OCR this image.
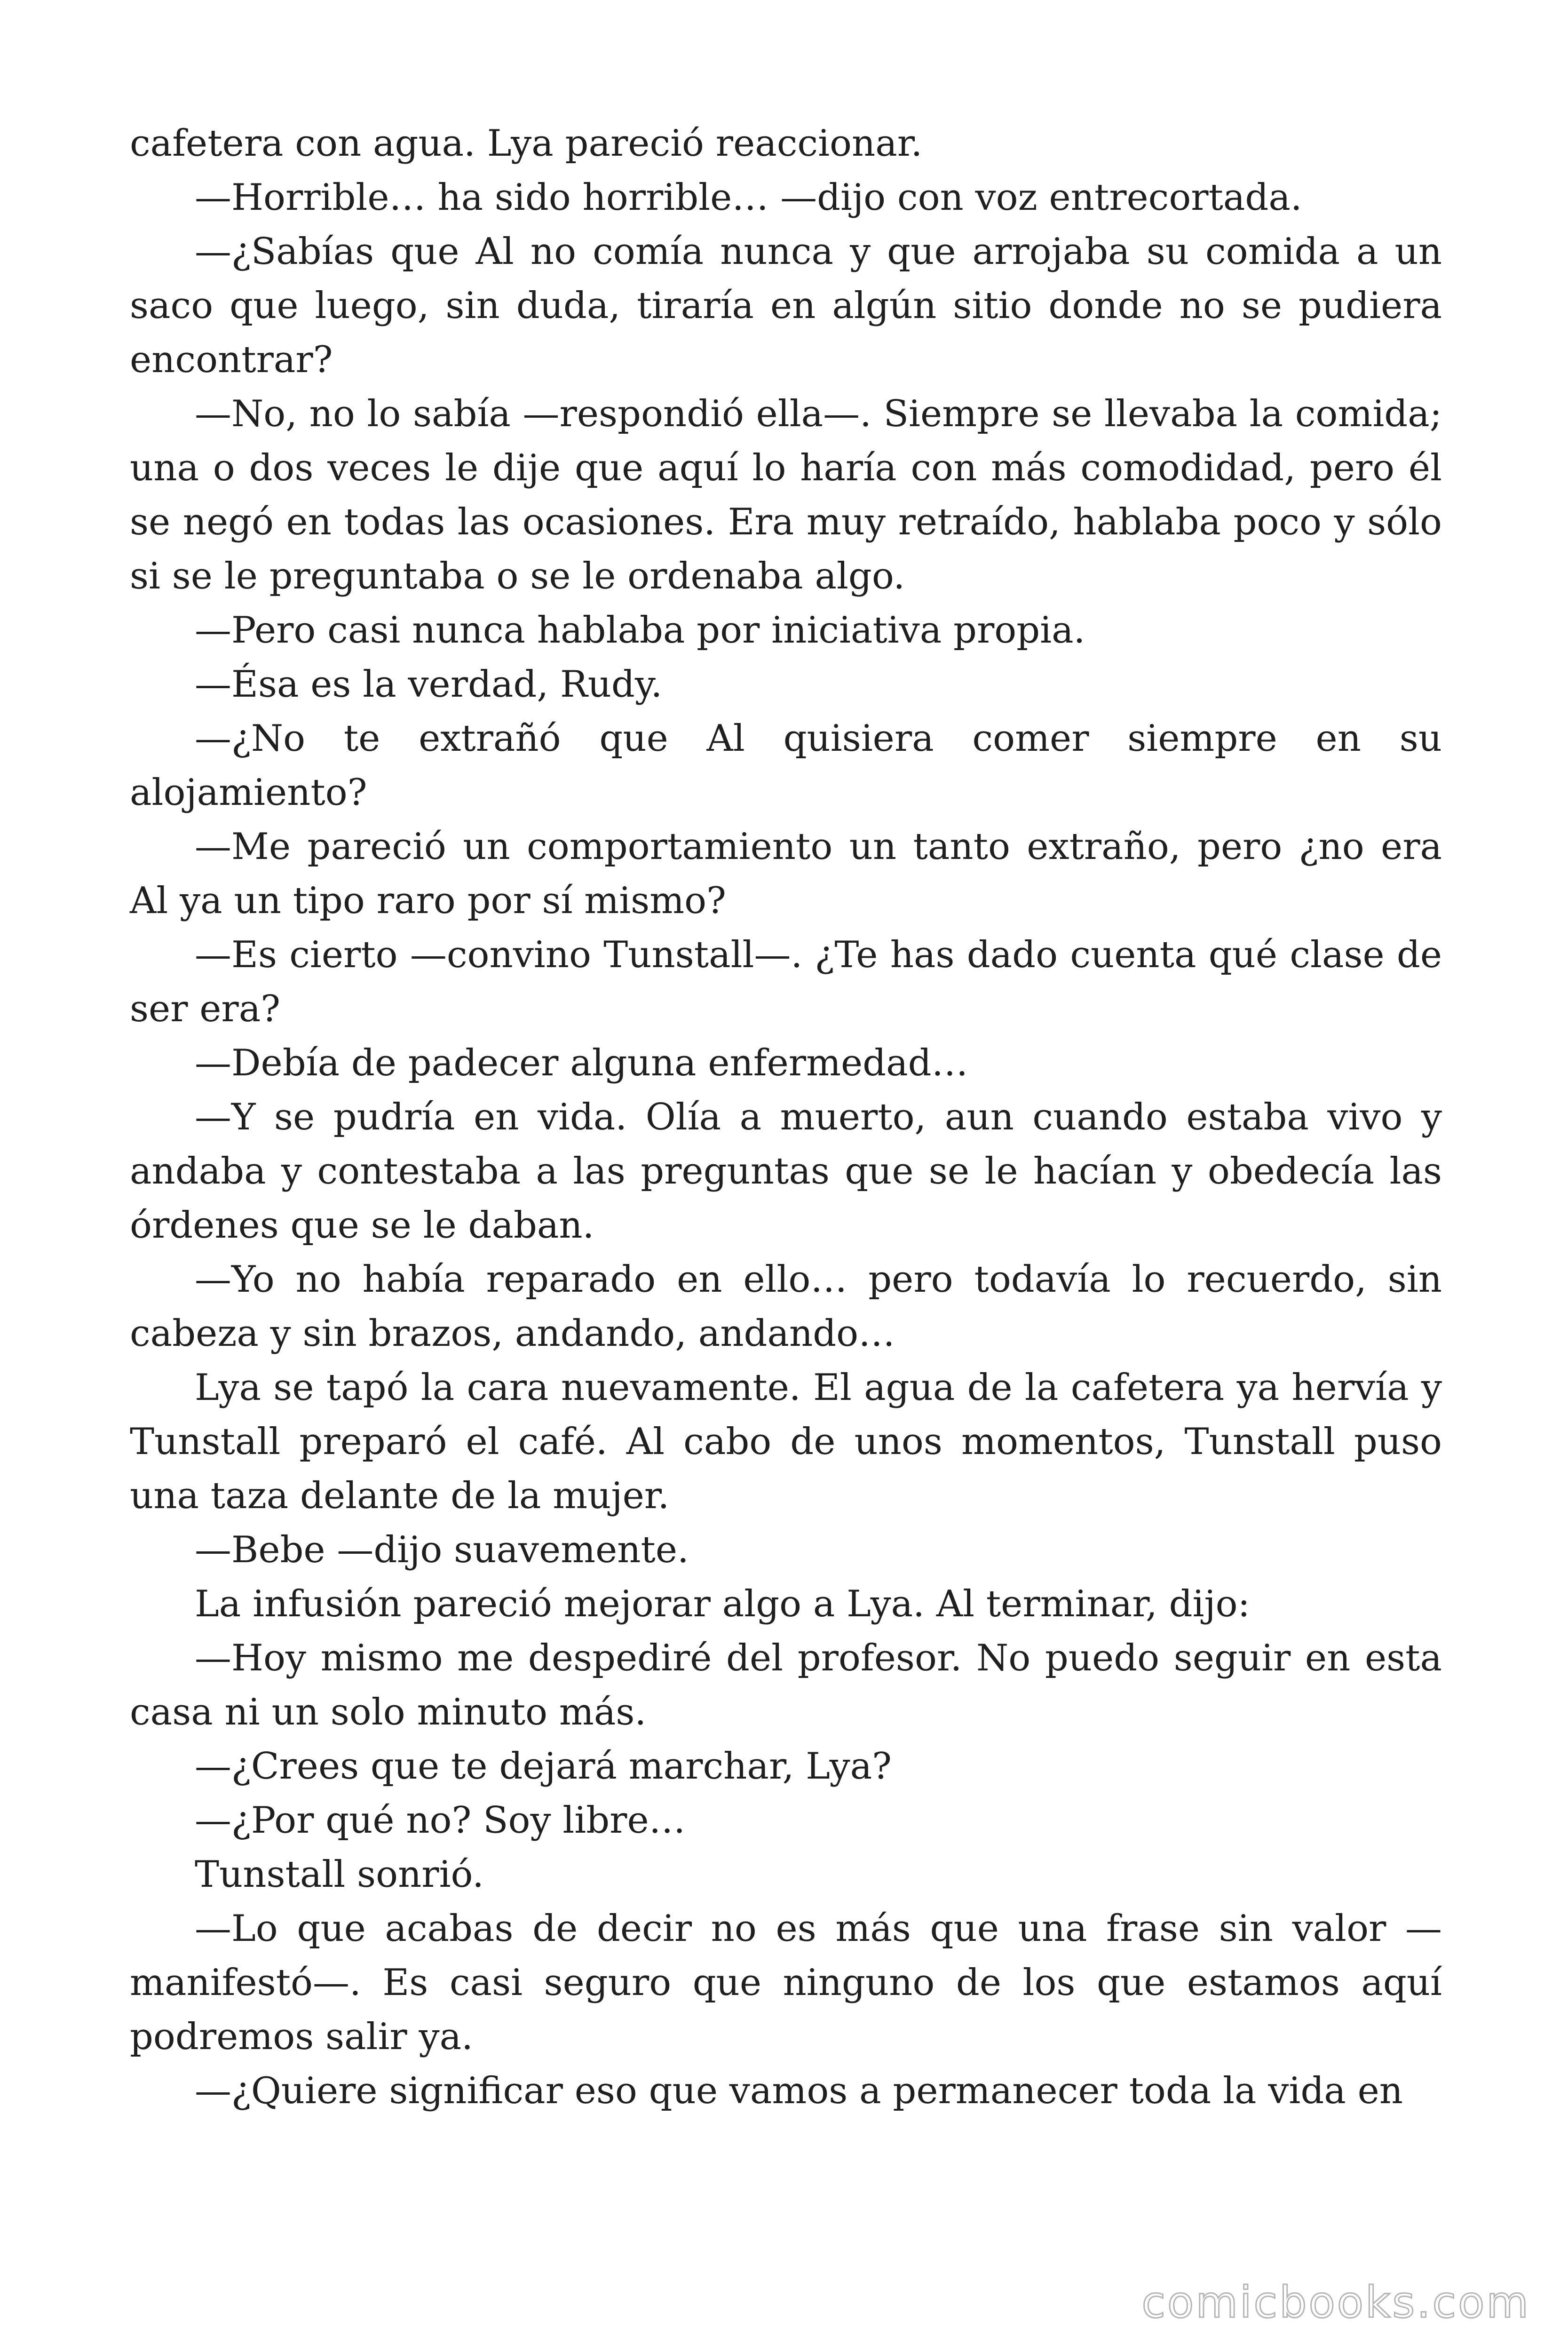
cafetera con agua. Lya pareció reaccionar.

—Horrible… ha sido horrible… —dijo con voz entrecortada.

—¿Sabías que Al no comía nunca y que arrojaba su comida a un saco que luego, sin duda, tiraría en algún sitio donde no se pudiera encontrar?

—No, no lo sabía —respondió ella—. Siempre se llevaba la comida; una o dos veces le dije que aquí lo haría con más comodidad, pero él se negó en todas las ocasiones. Era muy retraído, hablaba poco y sólo si se le preguntaba o se le ordenaba algo.

—Pero casi nunca hablaba por iniciativa propia.

—Ésa es la verdad, Rudy.

—¿No te extrañó que Al quisiera comer siempre en su alojamiento?

—Me pareció un comportamiento un tanto extraño, pero ¿no era Al ya un tipo raro por sí mismo?

—Es cierto —convino Tunstall—. ¿Te has dado cuenta qué clase de ser era?

—Debía de padecer alguna enfermedad…

—Y se pudría en vida. Olía a muerto, aun cuando estaba vivo y andaba y contestaba a las preguntas que se le hacían y obedecía las órdenes que se le daban.

—Yo no había reparado en ello… pero todavía lo recuerdo, sin cabeza y sin brazos, andando, andando…

Lya se tapó la cara nuevamente. El agua de la cafetera ya hervía y Tunstall preparó el café. Al cabo de unos momentos, Tunstall puso una taza delante de la mujer.

—Bebe —dijo suavemente.

La infusión pareció mejorar algo a Lya. Al terminar, dijo:

—Hoy mismo me despediré del profesor. No puedo seguir en esta casa ni un solo minuto más.

—¿Crees que te dejará marchar, Lya?

—¿Por qué no? Soy libre…

Tunstall sonrió.

—Lo que acabas de decir no es más que una frase sin valor —manifestó—. Es casi seguro que ninguno de los que estamos aquí podremos salir ya.

—¿Quiere significar eso que vamos a permanecer toda la vida en

comicbooks.com
